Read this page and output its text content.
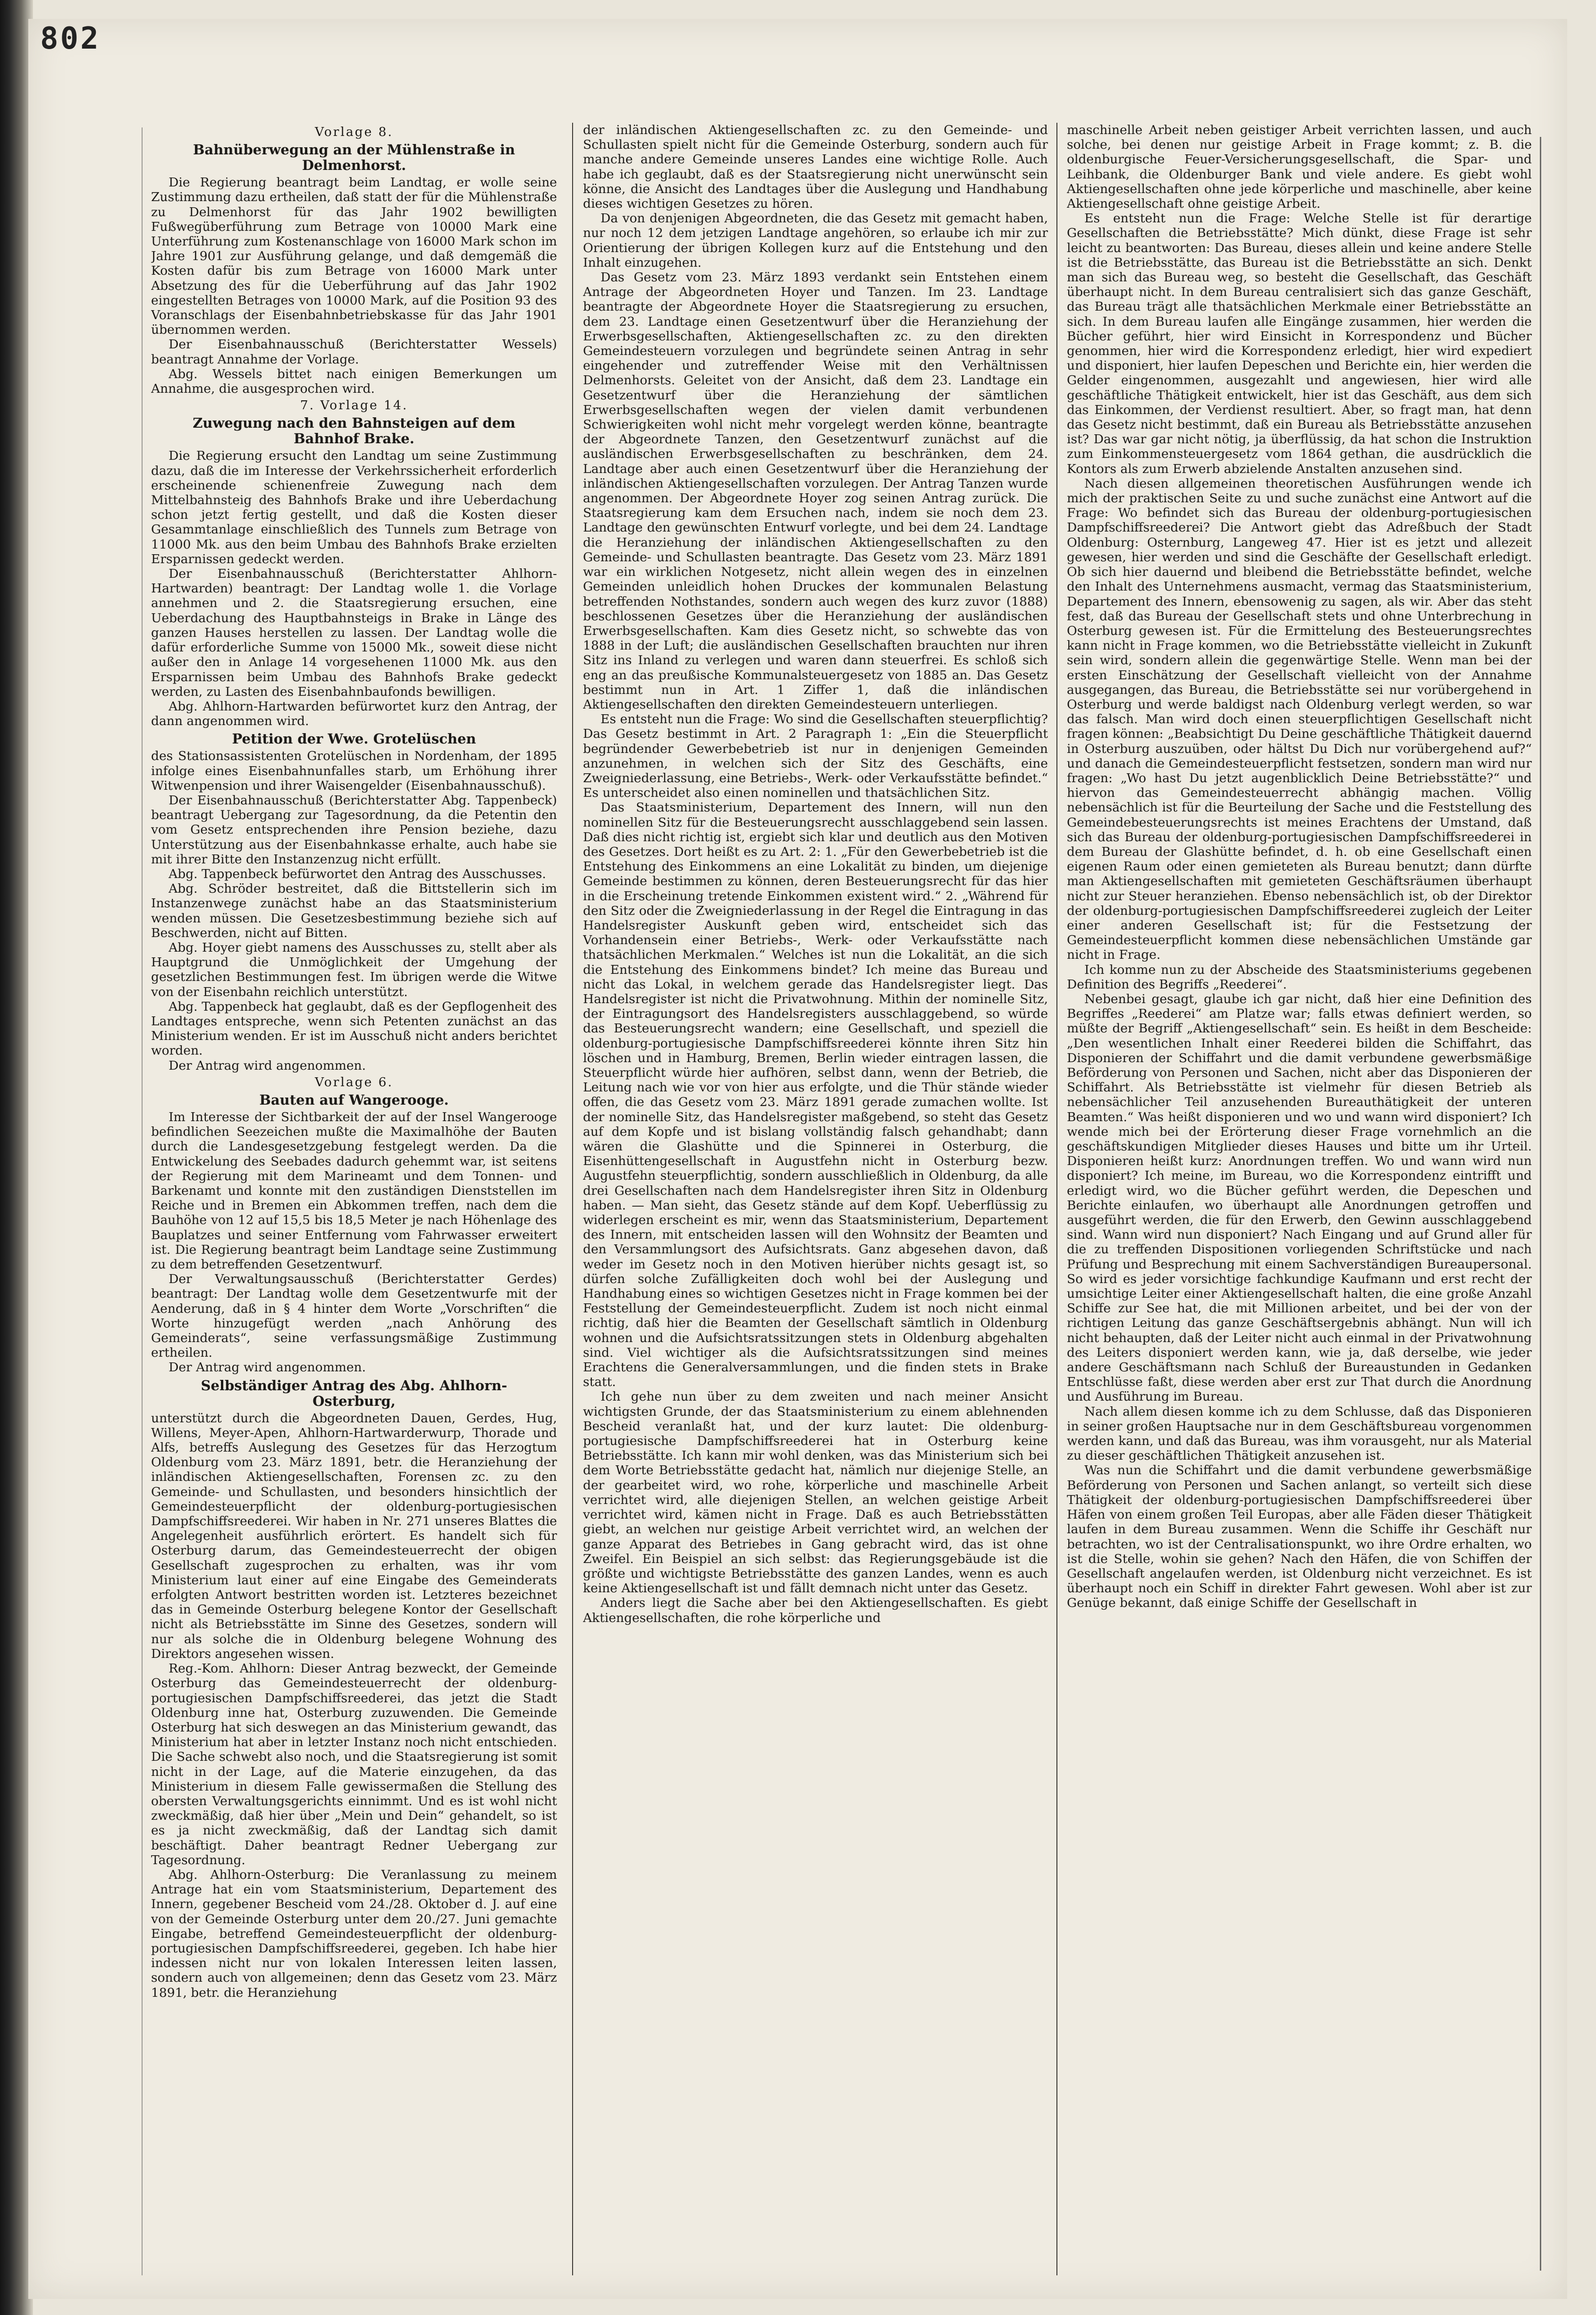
802

Vorlage 8.

Bahnüberwegung an der Mühlenstraße in Delmenhorst.

Die Regierung beantragt beim Landtag, er wolle seine Zustimmung dazu ertheilen, daß statt der für die Mühlenstraße zu Delmenhorst für das Jahr 1902 bewilligten Fußwegüberführung zum Betrage von 10000 Mark eine Unterführung zum Kostenanschlage von 16000 Mark schon im Jahre 1901 zur Ausführung gelange, und daß demgemäß die Kosten dafür bis zum Betrage von 16000 Mark unter Absetzung des für die Ueberführung auf das Jahr 1902 eingestellten Betrages von 10000 Mark, auf die Position 93 des Voranschlags der Eisenbahnbetriebskasse für das Jahr 1901 übernommen werden.

Der Eisenbahnausschuß (Berichterstatter Wessels) beantragt Annahme der Vorlage.

Abg. Wessels bittet nach einigen Bemerkungen um Annahme, die ausgesprochen wird.

7. Vorlage 14.

Zuwegung nach den Bahnsteigen auf dem Bahnhof Brake.

Die Regierung ersucht den Landtag um seine Zustimmung dazu, daß die im Interesse der Verkehrssicherheit erforderlich erscheinende schienenfreie Zuwegung nach dem Mittelbahnsteig des Bahnhofs Brake und ihre Ueberdachung schon jetzt fertig gestellt, und daß die Kosten dieser Gesammtanlage einschließlich des Tunnels zum Betrage von 11000 Mk. aus den beim Umbau des Bahnhofs Brake erzielten Ersparnissen gedeckt werden.

Der Eisenbahnausschuß (Berichterstatter Ahlhorn-Hartwarden) beantragt: Der Landtag wolle 1. die Vorlage annehmen und 2. die Staatsregierung ersuchen, eine Ueberdachung des Hauptbahnsteigs in Brake in Länge des ganzen Hauses herstellen zu lassen. Der Landtag wolle die dafür erforderliche Summe von 15000 Mk., soweit diese nicht außer den in Anlage 14 vorgesehenen 11000 Mk. aus den Ersparnissen beim Umbau des Bahnhofs Brake gedeckt werden, zu Lasten des Eisenbahnbaufonds bewilligen.

Abg. Ahlhorn-Hartwarden befürwortet kurz den Antrag, der dann angenommen wird.

Petition der Wwe. Grotelüschen

des Stationsassistenten Grotelüschen in Nordenham, der 1895 infolge eines Eisenbahnunfalles starb, um Erhöhung ihrer Witwenpension und ihrer Waisengelder (Eisenbahnausschuß).

Der Eisenbahnausschuß (Berichterstatter Abg. Tappenbeck) beantragt Uebergang zur Tagesordnung, da die Petentin den vom Gesetz entsprechenden ihre Pension beziehe, dazu Unterstützung aus der Eisenbahnkasse erhalte, auch habe sie mit ihrer Bitte den Instanzenzug nicht erfüllt.

Abg. Tappenbeck befürwortet den Antrag des Ausschusses.

Abg. Schröder bestreitet, daß die Bittstellerin sich im Instanzenwege zunächst habe an das Staatsministerium wenden müssen. Die Gesetzesbestimmung beziehe sich auf Beschwerden, nicht auf Bitten.

Abg. Hoyer giebt namens des Ausschusses zu, stellt aber als Hauptgrund die Unmöglichkeit der Umgehung der gesetzlichen Bestimmungen fest. Im übrigen werde die Witwe von der Eisenbahn reichlich unterstützt.

Abg. Tappenbeck hat geglaubt, daß es der Gepflogenheit des Landtages entspreche, wenn sich Petenten zunächst an das Ministerium wenden. Er ist im Ausschuß nicht anders berichtet worden.

Der Antrag wird angenommen.

Vorlage 6.

Bauten auf Wangerooge.

Im Interesse der Sichtbarkeit der auf der Insel Wangerooge befindlichen Seezeichen mußte die Maximalhöhe der Bauten durch die Landesgesetzgebung festgelegt werden. Da die Entwickelung des Seebades dadurch gehemmt war, ist seitens der Regierung mit dem Marineamt und dem Tonnen- und Barkenamt und konnte mit den zuständigen Dienststellen im Reiche und in Bremen ein Abkommen treffen, nach dem die Bauhöhe von 12 auf 15,5 bis 18,5 Meter je nach Höhenlage des Bauplatzes und seiner Entfernung vom Fahrwasser erweitert ist. Die Regierung beantragt beim Landtage seine Zustimmung zu dem betreffenden Gesetzentwurf.

Der Verwaltungsausschuß (Berichterstatter Gerdes) beantragt: Der Landtag wolle dem Gesetzentwurfe mit der Aenderung, daß in § 4 hinter dem Worte „Vorschriften“ die Worte hinzugefügt werden „nach Anhörung des Gemeinderats“, seine verfassungsmäßige Zustimmung ertheilen.

Der Antrag wird angenommen.

Selbständiger Antrag des Abg. Ahlhorn-Osterburg,

unterstützt durch die Abgeordneten Dauen, Gerdes, Hug, Willens, Meyer-Apen, Ahlhorn-Hartwarderwurp, Thorade und Alfs, betreffs Auslegung des Gesetzes für das Herzogtum Oldenburg vom 23. März 1891, betr. die Heranziehung der inländischen Aktiengesellschaften, Forensen zc. zu den Gemeinde- und Schullasten, und besonders hinsichtlich der Gemeindesteuerpflicht der oldenburg-portugiesischen Dampfschiffsreederei. Wir haben in Nr. 271 unseres Blattes die Angelegenheit ausführlich erörtert. Es handelt sich für Osterburg darum, das Gemeindesteuerrecht der obigen Gesellschaft zugesprochen zu erhalten, was ihr vom Ministerium laut einer auf eine Eingabe des Gemeinderats erfolgten Antwort bestritten worden ist. Letzteres bezeichnet das in Gemeinde Osterburg belegene Kontor der Gesellschaft nicht als Betriebsstätte im Sinne des Gesetzes, sondern will nur als solche die in Oldenburg belegene Wohnung des Direktors angesehen wissen.

Reg.-Kom. Ahlhorn: Dieser Antrag bezweckt, der Gemeinde Osterburg das Gemeindesteuerrecht der oldenburg-portugiesischen Dampfschiffsreederei, das jetzt die Stadt Oldenburg inne hat, Osterburg zuzuwenden. Die Gemeinde Osterburg hat sich deswegen an das Ministerium gewandt, das Ministerium hat aber in letzter Instanz noch nicht entschieden. Die Sache schwebt also noch, und die Staatsregierung ist somit nicht in der Lage, auf die Materie einzugehen, da das Ministerium in diesem Falle gewissermaßen die Stellung des obersten Verwaltungsgerichts einnimmt. Und es ist wohl nicht zweckmäßig, daß hier über „Mein und Dein“ gehandelt, so ist es ja nicht zweckmäßig, daß der Landtag sich damit beschäftigt. Daher beantragt Redner Uebergang zur Tagesordnung.

Abg. Ahlhorn-Osterburg: Die Veranlassung zu meinem Antrage hat ein vom Staatsministerium, Departement des Innern, gegebener Bescheid vom 24./28. Oktober d. J. auf eine von der Gemeinde Osterburg unter dem 20./27. Juni gemachte Eingabe, betreffend Gemeindesteuerpflicht der oldenburg-portugiesischen Dampfschiffsreederei, gegeben. Ich habe hier indessen nicht nur von lokalen Interessen leiten lassen, sondern auch von allgemeinen; denn das Gesetz vom 23. März 1891, betr. die Heranziehung

der inländischen Aktiengesellschaften zc. zu den Gemeinde- und Schullasten spielt nicht für die Gemeinde Osterburg, sondern auch für manche andere Gemeinde unseres Landes eine wichtige Rolle. Auch habe ich geglaubt, daß es der Staatsregierung nicht unerwünscht sein könne, die Ansicht des Landtages über die Auslegung und Handhabung dieses wichtigen Gesetzes zu hören.

Da von denjenigen Abgeordneten, die das Gesetz mit gemacht haben, nur noch 12 dem jetzigen Landtage angehören, so erlaube ich mir zur Orientierung der übrigen Kollegen kurz auf die Entstehung und den Inhalt einzugehen.

Das Gesetz vom 23. März 1893 verdankt sein Entstehen einem Antrage der Abgeordneten Hoyer und Tanzen. Im 23. Landtage beantragte der Abgeordnete Hoyer die Staatsregierung zu ersuchen, dem 23. Landtage einen Gesetzentwurf über die Heranziehung der Erwerbsgesellschaften, Aktiengesellschaften zc. zu den direkten Gemeindesteuern vorzulegen und begründete seinen Antrag in sehr eingehender und zutreffender Weise mit den Verhältnissen Delmenhorsts. Geleitet von der Ansicht, daß dem 23. Landtage ein Gesetzentwurf über die Heranziehung der sämtlichen Erwerbsgesellschaften wegen der vielen damit verbundenen Schwierigkeiten wohl nicht mehr vorgelegt werden könne, beantragte der Abgeordnete Tanzen, den Gesetzentwurf zunächst auf die ausländischen Erwerbsgesellschaften zu beschränken, dem 24. Landtage aber auch einen Gesetzentwurf über die Heranziehung der inländischen Aktiengesellschaften vorzulegen. Der Antrag Tanzen wurde angenommen. Der Abgeordnete Hoyer zog seinen Antrag zurück. Die Staatsregierung kam dem Ersuchen nach, indem sie noch dem 23. Landtage den gewünschten Entwurf vorlegte, und bei dem 24. Landtage die Heranziehung der inländischen Aktiengesellschaften zu den Gemeinde- und Schullasten beantragte. Das Gesetz vom 23. März 1891 war ein wirklichen Notgesetz, nicht allein wegen des in einzelnen Gemeinden unleidlich hohen Druckes der kommunalen Belastung betreffenden Nothstandes, sondern auch wegen des kurz zuvor (1888) beschlossenen Gesetzes über die Heranziehung der ausländischen Erwerbsgesellschaften. Kam dies Gesetz nicht, so schwebte das von 1888 in der Luft; die ausländischen Gesellschaften brauchten nur ihren Sitz ins Inland zu verlegen und waren dann steuerfrei. Es schloß sich eng an das preußische Kommunalsteuergesetz von 1885 an. Das Gesetz bestimmt nun in Art. 1 Ziffer 1, daß die inländischen Aktiengesellschaften den direkten Gemeindesteuern unterliegen.

Es entsteht nun die Frage: Wo sind die Gesellschaften steuerpflichtig? Das Gesetz bestimmt in Art. 2 Paragraph 1: „Ein die Steuerpflicht begründender Gewerbebetrieb ist nur in denjenigen Gemeinden anzunehmen, in welchen sich der Sitz des Geschäfts, eine Zweigniederlassung, eine Betriebs-, Werk- oder Verkaufsstätte befindet.“ Es unterscheidet also einen nominellen und thatsächlichen Sitz.

Das Staatsministerium, Departement des Innern, will nun den nominellen Sitz für die Besteuerungsrecht ausschlaggebend sein lassen. Daß dies nicht richtig ist, ergiebt sich klar und deutlich aus den Motiven des Gesetzes. Dort heißt es zu Art. 2: 1. „Für den Gewerbebetrieb ist die Entstehung des Einkommens an eine Lokalität zu binden, um diejenige Gemeinde bestimmen zu können, deren Besteuerungsrecht für das hier in die Erscheinung tretende Einkommen existent wird.“ 2. „Während für den Sitz oder die Zweigniederlassung in der Regel die Eintragung in das Handelsregister Auskunft geben wird, entscheidet sich das Vorhandensein einer Betriebs-, Werk- oder Verkaufsstätte nach thatsächlichen Merkmalen.“ Welches ist nun die Lokalität, an die sich die Entstehung des Einkommens bindet? Ich meine das Bureau und nicht das Lokal, in welchem gerade das Handelsregister liegt. Das Handelsregister ist nicht die Privatwohnung. Mithin der nominelle Sitz, der Eintragungsort des Handelsregisters ausschlaggebend, so würde das Besteuerungsrecht wandern; eine Gesellschaft, und speziell die oldenburg-portugiesische Dampfschiffsreederei könnte ihren Sitz hin löschen und in Hamburg, Bremen, Berlin wieder eintragen lassen, die Steuerpflicht würde hier aufhören, selbst dann, wenn der Betrieb, die Leitung nach wie vor von hier aus erfolgte, und die Thür stände wieder offen, die das Gesetz vom 23. März 1891 gerade zumachen wollte. Ist der nominelle Sitz, das Handelsregister maßgebend, so steht das Gesetz auf dem Kopfe und ist bislang vollständig falsch gehandhabt; dann wären die Glashütte und die Spinnerei in Osterburg, die Eisenhüttengesellschaft in Augustfehn nicht in Osterburg bezw. Augustfehn steuerpflichtig, sondern ausschließlich in Oldenburg, da alle drei Gesellschaften nach dem Handelsregister ihren Sitz in Oldenburg haben. — Man sieht, das Gesetz stände auf dem Kopf. Ueberflüssig zu widerlegen erscheint es mir, wenn das Staatsministerium, Departement des Innern, mit entscheiden lassen will den Wohnsitz der Beamten und den Versammlungsort des Aufsichtsrats. Ganz abgesehen davon, daß weder im Gesetz noch in den Motiven hierüber nichts gesagt ist, so dürfen solche Zufälligkeiten doch wohl bei der Auslegung und Handhabung eines so wichtigen Gesetzes nicht in Frage kommen bei der Feststellung der Gemeindesteuerpflicht. Zudem ist noch nicht einmal richtig, daß hier die Beamten der Gesellschaft sämtlich in Oldenburg wohnen und die Aufsichtsratssitzungen stets in Oldenburg abgehalten sind. Viel wichtiger als die Aufsichtsratssitzungen sind meines Erachtens die Generalversammlungen, und die finden stets in Brake statt.

Ich gehe nun über zu dem zweiten und nach meiner Ansicht wichtigsten Grunde, der das Staatsministerium zu einem ablehnenden Bescheid veranlaßt hat, und der kurz lautet: Die oldenburg-portugiesische Dampfschiffsreederei hat in Osterburg keine Betriebsstätte. Ich kann mir wohl denken, was das Ministerium sich bei dem Worte Betriebsstätte gedacht hat, nämlich nur diejenige Stelle, an der gearbeitet wird, wo rohe, körperliche und maschinelle Arbeit verrichtet wird, alle diejenigen Stellen, an welchen geistige Arbeit verrichtet wird, kämen nicht in Frage. Daß es auch Betriebsstätten giebt, an welchen nur geistige Arbeit verrichtet wird, an welchen der ganze Apparat des Betriebes in Gang gebracht wird, das ist ohne Zweifel. Ein Beispiel an sich selbst: das Regierungsgebäude ist die größte und wichtigste Betriebsstätte des ganzen Landes, wenn es auch keine Aktiengesellschaft ist und fällt demnach nicht unter das Gesetz.

Anders liegt die Sache aber bei den Aktiengesellschaften. Es giebt Aktiengesellschaften, die rohe körperliche und

maschinelle Arbeit neben geistiger Arbeit verrichten lassen, und auch solche, bei denen nur geistige Arbeit in Frage kommt; z. B. die oldenburgische Feuer-Versicherungsgesellschaft, die Spar- und Leihbank, die Oldenburger Bank und viele andere. Es giebt wohl Aktiengesellschaften ohne jede körperliche und maschinelle, aber keine Aktiengesellschaft ohne geistige Arbeit.

Es entsteht nun die Frage: Welche Stelle ist für derartige Gesellschaften die Betriebsstätte? Mich dünkt, diese Frage ist sehr leicht zu beantworten: Das Bureau, dieses allein und keine andere Stelle ist die Betriebsstätte, das Bureau ist die Betriebsstätte an sich. Denkt man sich das Bureau weg, so besteht die Gesellschaft, das Geschäft überhaupt nicht. In dem Bureau centralisiert sich das ganze Geschäft, das Bureau trägt alle thatsächlichen Merkmale einer Betriebsstätte an sich. In dem Bureau laufen alle Eingänge zusammen, hier werden die Bücher geführt, hier wird Einsicht in Korrespondenz und Bücher genommen, hier wird die Korrespondenz erledigt, hier wird expediert und disponiert, hier laufen Depeschen und Berichte ein, hier werden die Gelder eingenommen, ausgezahlt und angewiesen, hier wird alle geschäftliche Thätigkeit entwickelt, hier ist das Geschäft, aus dem sich das Einkommen, der Verdienst resultiert. Aber, so fragt man, hat denn das Gesetz nicht bestimmt, daß ein Bureau als Betriebsstätte anzusehen ist? Das war gar nicht nötig, ja überflüssig, da hat schon die Instruktion zum Einkommensteuergesetz vom 1864 gethan, die ausdrücklich die Kontors als zum Erwerb abzielende Anstalten anzusehen sind.

Nach diesen allgemeinen theoretischen Ausführungen wende ich mich der praktischen Seite zu und suche zunächst eine Antwort auf die Frage: Wo befindet sich das Bureau der oldenburg-portugiesischen Dampfschiffsreederei? Die Antwort giebt das Adreßbuch der Stadt Oldenburg: Osternburg, Langeweg 47. Hier ist es jetzt und allezeit gewesen, hier werden und sind die Geschäfte der Gesellschaft erledigt. Ob sich hier dauernd und bleibend die Betriebsstätte befindet, welche den Inhalt des Unternehmens ausmacht, vermag das Staatsministerium, Departement des Innern, ebensowenig zu sagen, als wir. Aber das steht fest, daß das Bureau der Gesellschaft stets und ohne Unterbrechung in Osterburg gewesen ist. Für die Ermittelung des Besteuerungsrechtes kann nicht in Frage kommen, wo die Betriebsstätte vielleicht in Zukunft sein wird, sondern allein die gegenwärtige Stelle. Wenn man bei der ersten Einschätzung der Gesellschaft vielleicht von der Annahme ausgegangen, das Bureau, die Betriebsstätte sei nur vorübergehend in Osterburg und werde baldigst nach Oldenburg verlegt werden, so war das falsch. Man wird doch einen steuerpflichtigen Gesellschaft nicht fragen können: „Beabsichtigt Du Deine geschäftliche Thätigkeit dauernd in Osterburg auszuüben, oder hältst Du Dich nur vorübergehend auf?“ und danach die Gemeindesteuerpflicht festsetzen, sondern man wird nur fragen: „Wo hast Du jetzt augenblicklich Deine Betriebsstätte?“ und hiervon das Gemeindesteuerrecht abhängig machen. Völlig nebensächlich ist für die Beurteilung der Sache und die Feststellung des Gemeindebesteuerungsrechts ist meines Erachtens der Umstand, daß sich das Bureau der oldenburg-portugiesischen Dampfschiffsreederei in dem Bureau der Glashütte befindet, d. h. ob eine Gesellschaft einen eigenen Raum oder einen gemieteten als Bureau benutzt; dann dürfte man Aktiengesellschaften mit gemieteten Geschäftsräumen überhaupt nicht zur Steuer heranziehen. Ebenso nebensächlich ist, ob der Direktor der oldenburg-portugiesischen Dampfschiffsreederei zugleich der Leiter einer anderen Gesellschaft ist; für die Festsetzung der Gemeindesteuerpflicht kommen diese nebensächlichen Umstände gar nicht in Frage.

Ich komme nun zu der Abscheide des Staatsministeriums gegebenen Definition des Begriffs „Reederei“.

Nebenbei gesagt, glaube ich gar nicht, daß hier eine Definition des Begriffes „Reederei“ am Platze war; falls etwas definiert werden, so müßte der Begriff „Aktiengesellschaft“ sein. Es heißt in dem Bescheide: „Den wesentlichen Inhalt einer Reederei bilden die Schiffahrt, das Disponieren der Schiffahrt und die damit verbundene gewerbsmäßige Beförderung von Personen und Sachen, nicht aber das Disponieren der Schiffahrt. Als Betriebsstätte ist vielmehr für diesen Betrieb als nebensächlicher Teil anzusehenden Bureauthätigkeit der unteren Beamten.“ Was heißt disponieren und wo und wann wird disponiert? Ich wende mich bei der Erörterung dieser Frage vornehmlich an die geschäftskundigen Mitglieder dieses Hauses und bitte um ihr Urteil. Disponieren heißt kurz: Anordnungen treffen. Wo und wann wird nun disponiert? Ich meine, im Bureau, wo die Korrespondenz eintrifft und erledigt wird, wo die Bücher geführt werden, die Depeschen und Berichte einlaufen, wo überhaupt alle Anordnungen getroffen und ausgeführt werden, die für den Erwerb, den Gewinn ausschlaggebend sind. Wann wird nun disponiert? Nach Eingang und auf Grund aller für die zu treffenden Dispositionen vorliegenden Schriftstücke und nach Prüfung und Besprechung mit einem Sachverständigen Bureaupersonal. So wird es jeder vorsichtige fachkundige Kaufmann und erst recht der umsichtige Leiter einer Aktiengesellschaft halten, die eine große Anzahl Schiffe zur See hat, die mit Millionen arbeitet, und bei der von der richtigen Leitung das ganze Geschäftsergebnis abhängt. Nun will ich nicht behaupten, daß der Leiter nicht auch einmal in der Privatwohnung des Leiters disponiert werden kann, wie ja, daß derselbe, wie jeder andere Geschäftsmann nach Schluß der Bureaustunden in Gedanken Entschlüsse faßt, diese werden aber erst zur That durch die Anordnung und Ausführung im Bureau.

Nach allem diesen komme ich zu dem Schlusse, daß das Disponieren in seiner großen Hauptsache nur in dem Geschäftsbureau vorgenommen werden kann, und daß das Bureau, was ihm vorausgeht, nur als Material zu dieser geschäftlichen Thätigkeit anzusehen ist.

Was nun die Schiffahrt und die damit verbundene gewerbsmäßige Beförderung von Personen und Sachen anlangt, so verteilt sich diese Thätigkeit der oldenburg-portugiesischen Dampfschiffsreederei über Häfen von einem großen Teil Europas, aber alle Fäden dieser Thätigkeit laufen in dem Bureau zusammen. Wenn die Schiffe ihr Geschäft nur betrachten, wo ist der Centralisationspunkt, wo ihre Ordre erhalten, wo ist die Stelle, wohin sie gehen? Nach den Häfen, die von Schiffen der Gesellschaft angelaufen werden, ist Oldenburg nicht verzeichnet. Es ist überhaupt noch ein Schiff in direkter Fahrt gewesen. Wohl aber ist zur Genüge bekannt, daß einige Schiffe der Gesellschaft in
